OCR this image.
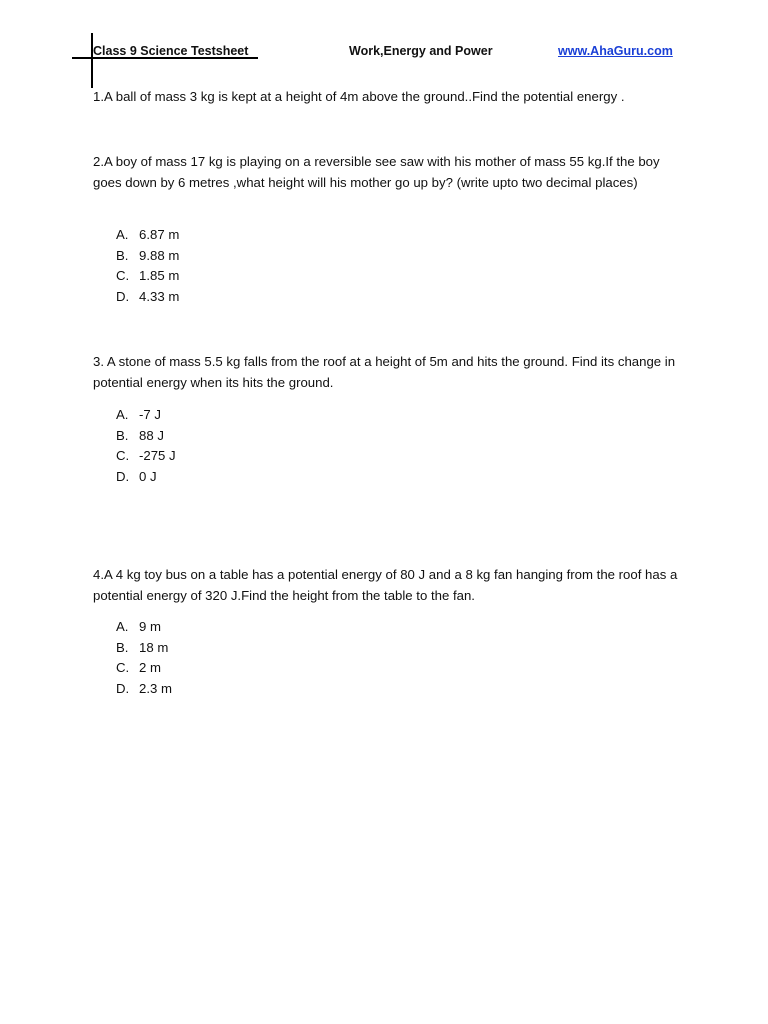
Class 9 Science Testsheet	Work,Energy and Power	www.AhaGuru.com
1.A ball of mass 3 kg is kept at a height of 4m above the ground..Find the potential energy .
2.A boy of mass 17 kg is playing on a reversible see saw with his mother of mass 55 kg.If the boy goes down by 6 metres ,what height will his mother go up by? (write upto two decimal places)
A. 6.87 m
B. 9.88 m
C. 1.85 m
D. 4.33 m
3. A stone of mass 5.5 kg falls from the roof at a height of 5m and hits the ground. Find its change in potential energy when its hits the ground.
A. -7 J
B. 88 J
C. -275 J
D. 0 J
4.A 4 kg toy bus on a table has a potential energy of 80 J and a 8 kg fan hanging from the roof has a potential energy of 320 J.Find the height from the table to the fan.
A. 9 m
B. 18 m
C. 2 m
D. 2.3 m
